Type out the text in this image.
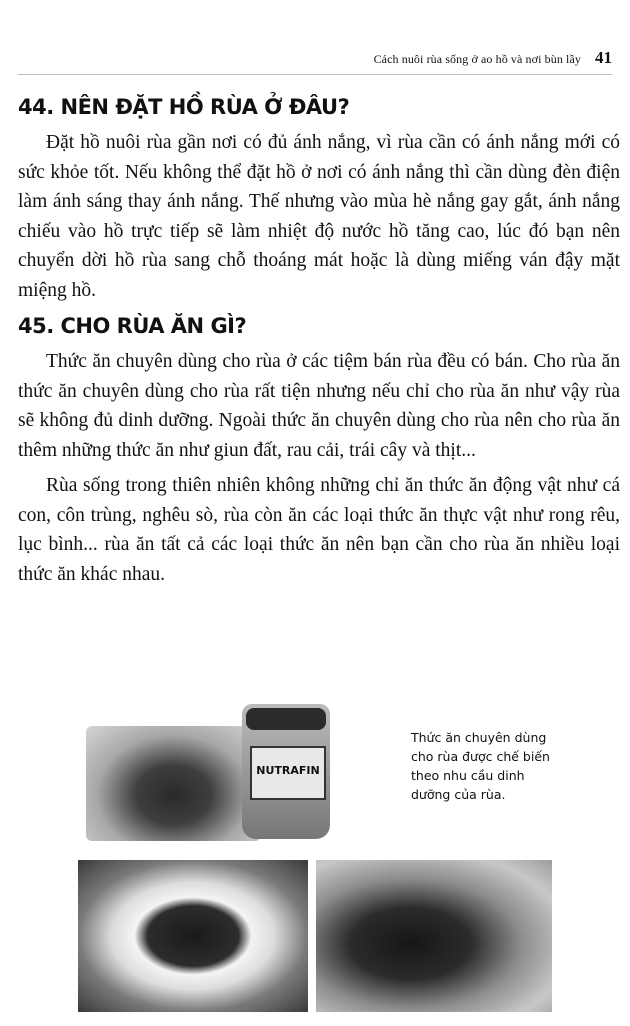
Cách nuôi rùa sống ở ao hồ và nơi bùn lầy 41
44. NÊN ĐẶT HỒ RÙA Ở ĐÂU?

Đặt hồ nuôi rùa gần nơi có đủ ánh nắng, vì rùa cần có ánh nắng mới có sức khỏe tốt. Nếu không thể đặt hồ ở nơi có ánh nắng thì cần dùng đèn điện làm ánh sáng thay ánh nắng. Thế nhưng vào mùa hè nắng gay gắt, ánh nắng chiếu vào hồ trực tiếp sẽ làm nhiệt độ nước hồ tăng cao, lúc đó bạn nên chuyển dời hồ rùa sang chỗ thoáng mát hoặc là dùng miếng ván đậy mặt miệng hồ.

45. CHO RÙA ĂN GÌ?

Thức ăn chuyên dùng cho rùa ở các tiệm bán rùa đều có bán. Cho rùa ăn thức ăn chuyên dùng cho rùa rất tiện nhưng nếu chỉ cho rùa ăn như vậy rùa sẽ không đủ dinh dưỡng. Ngoài thức ăn chuyên dùng cho rùa nên cho rùa ăn thêm những thức ăn như giun đất, rau cải, trái cây và thịt...

Rùa sống trong thiên nhiên không những chỉ ăn thức ăn động vật như cá con, côn trùng, nghêu sò, rùa còn ăn các loại thức ăn thực vật như rong rêu, lục bình... rùa ăn tất cả các loại thức ăn nên bạn cần cho rùa ăn nhiều loại thức ăn khác nhau.

NUTRAFIN
Thức ăn chuyên dùng cho rùa được chế biến theo nhu cầu dinh dưỡng của rùa.
